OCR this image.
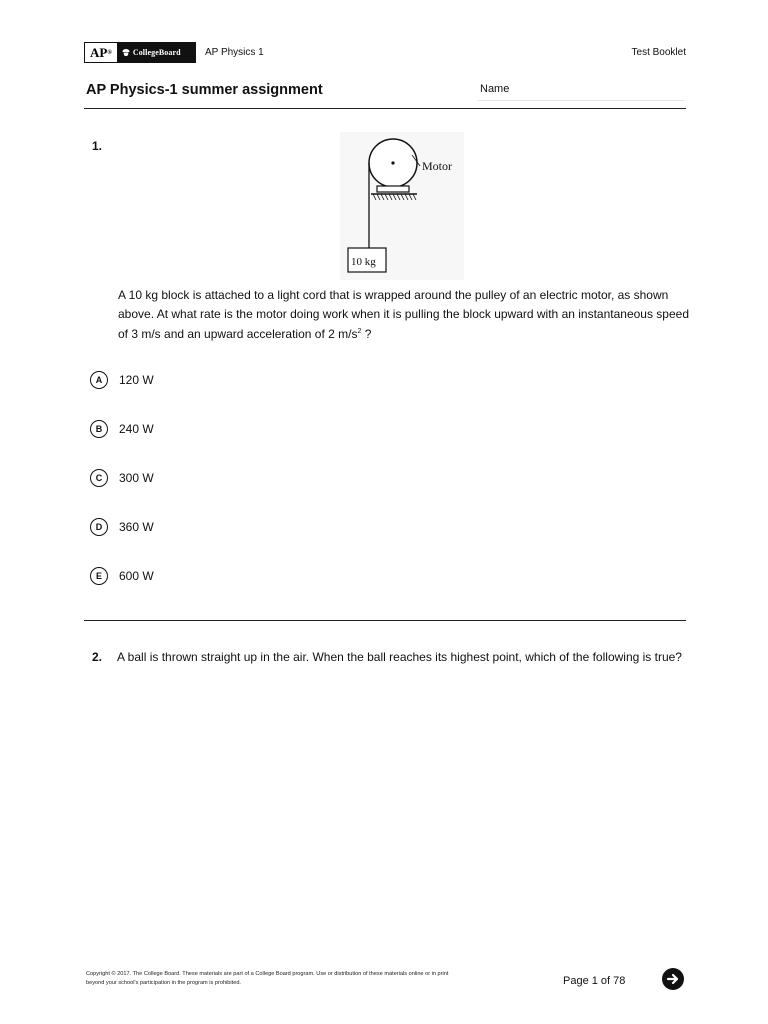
AP ®	CollegeBoard AP Physics 1	Test Booklet
AP Physics-1 summer assignment	Name
1.
Motor
10 kg
A 10 kg block is attached to a light cord that is wrapped around the pulley of an electric motor, as shown above. At what rate is the motor doing work when it is pulling the block upward with an instantaneous speed of 3 m/s and an upward acceleration of 2 $m/s^2$ ?
A	120 W
B	240 W
C	300 W
D	360 W
E	600 W
2. A ball is thrown straight up in the air. When the ball reaches its highest point, which of the following is true?
Copyright © 2017. The College Board. These materials are part of a College Board program. Use or distribution of these materials online or in print
beyond your school's participation in the program is prohibited.	Page 1 of 78
